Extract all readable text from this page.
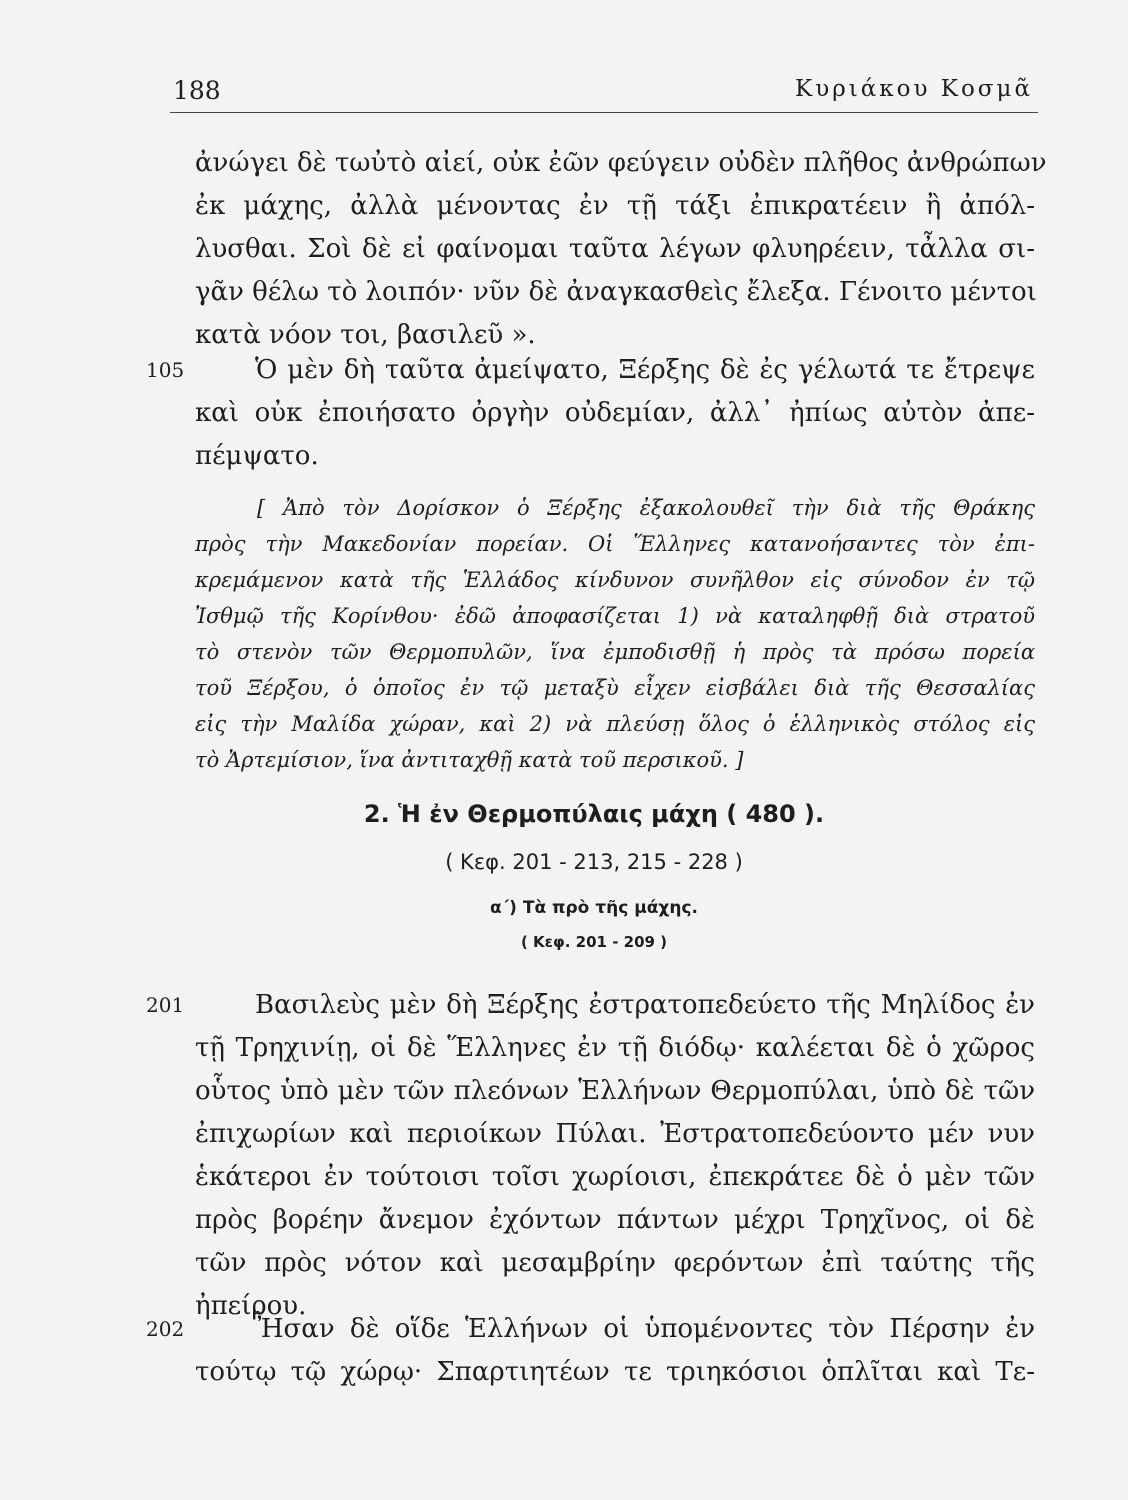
188	Κυριάκου Κοσμᾶ
ἀνώγει δὲ τωὐτὸ αἰεί, οὐκ ἐῶν φεύγειν οὐδὲν πλῆθος ἀνθρώπων
ἐκ μάχης, ἀλλὰ μένοντας ἐν τῇ τάξι ἐπικρατέειν ἢ ἀπόλ-
λυσθαι. Σοὶ δὲ εἰ φαίνομαι ταῦτα λέγων φλυηρέειν, τἆλλα σι-
γᾶν θέλω τὸ λοιπόν· νῦν δὲ ἀναγκασθεὶς ἔλεξα. Γένοιτο μέντοι
κατὰ νόον τοι, βασιλεῦ ».
105	Ὁ μὲν δὴ ταῦτα ἀμείψατο, Ξέρξης δὲ ἐς γέλωτά τε ἔτρεψε
καὶ οὐκ ἐποιήσατο ὀργὴν οὐδεμίαν, ἀλλ᾽ ἠπίως αὐτὸν ἀπε-
πέμψατο.
[ Ἀπὸ τὸν Δορίσκον ὁ Ξέρξης ἐξακολουθεῖ τὴν διὰ τῆς Θράκης
πρὸς τὴν Μακεδονίαν πορείαν. Οἱ Ἕλληνες κατανοήσαντες τὸν ἐπι-
κρεμάμενον κατὰ τῆς Ἑλλάδος κίνδυνον συνῆλθον εἰς σύνοδον ἐν τῷ
Ἰσθμῷ τῆς Κορίνθου· ἐδῶ ἀποφασίζεται 1) νὰ καταληφθῇ διὰ στρατοῦ
τὸ στενὸν τῶν Θερμοπυλῶν, ἵνα ἐμποδισθῇ ἡ πρὸς τὰ πρόσω πορεία
τοῦ Ξέρξου, ὁ ὁποῖος ἐν τῷ μεταξὺ εἶχεν εἰσβάλει διὰ τῆς Θεσσαλίας
εἰς τὴν Μαλίδα χώραν, καὶ 2) νὰ πλεύσῃ ὅλος ὁ ἑλληνικὸς στόλος εἰς
τὸ Ἀρτεμίσιον, ἵνα ἀντιταχθῇ κατὰ τοῦ περσικοῦ. ]
2. Ἡ ἐν Θερμοπύλαις μάχη ( 480 ).
( Κεφ. 201 - 213, 215 - 228 )
α΄) Τὰ πρὸ τῆς μάχης.
( Κεφ. 201 - 209 )
201	Βασιλεὺς μὲν δὴ Ξέρξης ἐστρατοπεδεύετο τῆς Μηλίδος ἐν
τῇ Τρηχινίῃ, οἱ δὲ Ἕλληνες ἐν τῇ διόδῳ· καλέεται δὲ ὁ χῶρος
οὗτος ὑπὸ μὲν τῶν πλεόνων Ἑλλήνων Θερμοπύλαι, ὑπὸ δὲ τῶν
ἐπιχωρίων καὶ περιοίκων Πύλαι. Ἐστρατοπεδεύοντο μέν νυν
ἑκάτεροι ἐν τούτοισι τοῖσι χωρίοισι, ἐπεκράτεε δὲ ὁ μὲν τῶν
πρὸς βορέην ἄνεμον ἐχόντων πάντων μέχρι Τρηχῖνος, οἱ δὲ
τῶν πρὸς νότον καὶ μεσαμβρίην φερόντων ἐπὶ ταύτης τῆς
ἠπείρου.
202	Ἦσαν δὲ οἵδε Ἑλλήνων οἱ ὑπομένοντες τὸν Πέρσην ἐν
τούτῳ τῷ χώρῳ· Σπαρτιητέων τε τριηκόσιοι ὁπλῖται καὶ Τε-
